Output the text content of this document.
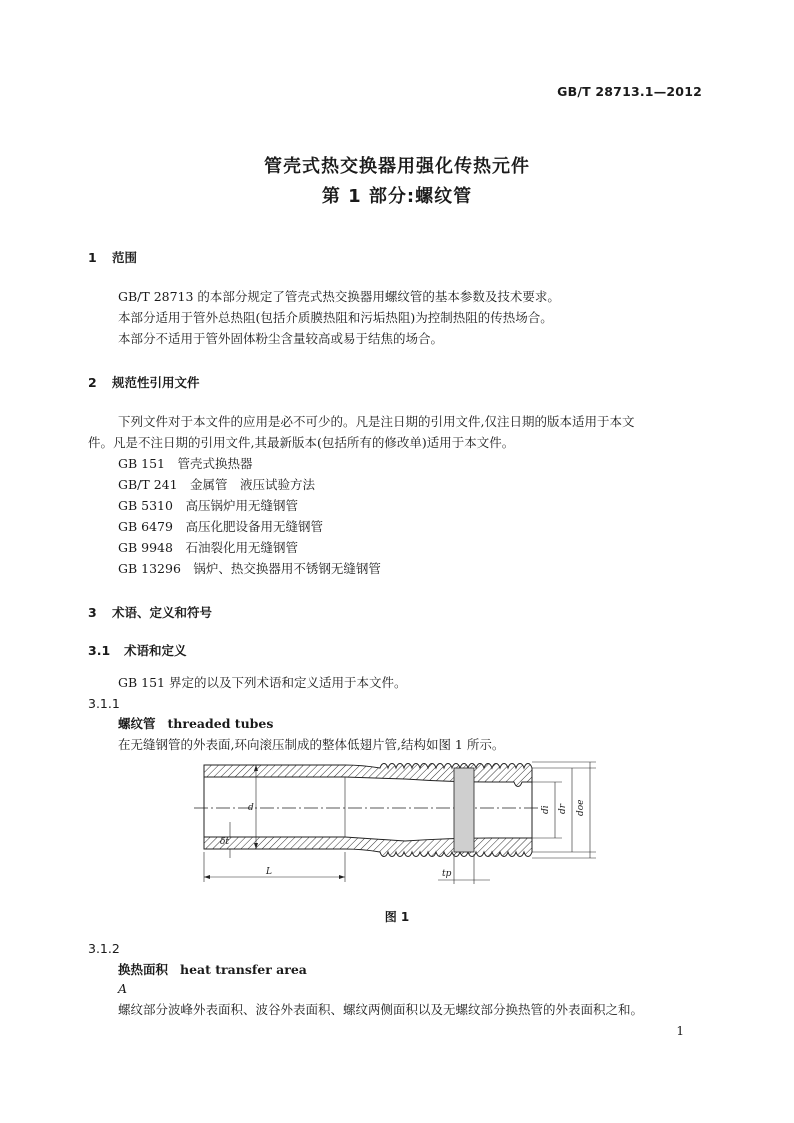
GB/T 28713.1—2012
管壳式热交换器用强化传热元件
第 1 部分:螺纹管
1 范围
GB/T 28713 的本部分规定了管壳式热交换器用螺纹管的基本参数及技术要求。
本部分适用于管外总热阻(包括介质膜热阻和污垢热阻)为控制热阻的传热场合。
本部分不适用于管外固体粉尘含量较高或易于结焦的场合。
2 规范性引用文件
下列文件对于本文件的应用是必不可少的。凡是注日期的引用文件,仅注日期的版本适用于本文
件。凡是不注日期的引用文件,其最新版本(包括所有的修改单)适用于本文件。
GB 151　管壳式换热器
GB/T 241　金属管　液压试验方法
GB 5310　高压锅炉用无缝钢管
GB 6479　高压化肥设备用无缝钢管
GB 9948　石油裂化用无缝钢管
GB 13296　锅炉、热交换器用不锈钢无缝钢管
3 术语、定义和符号
3.1 术语和定义
GB 151 界定的以及下列术语和定义适用于本文件。
3.1.1
螺纹管 threaded tubes
在无缝钢管的外表面,环向滚压制成的整体低翅片管,结构如图 1 所示。
d
δt
L	tp
di dr doe
图 1
3.1.2
换热面积 heat transfer area
A
螺纹部分波峰外表面积、波谷外表面积、螺纹两侧面积以及无螺纹部分换热管的外表面积之和。
1
